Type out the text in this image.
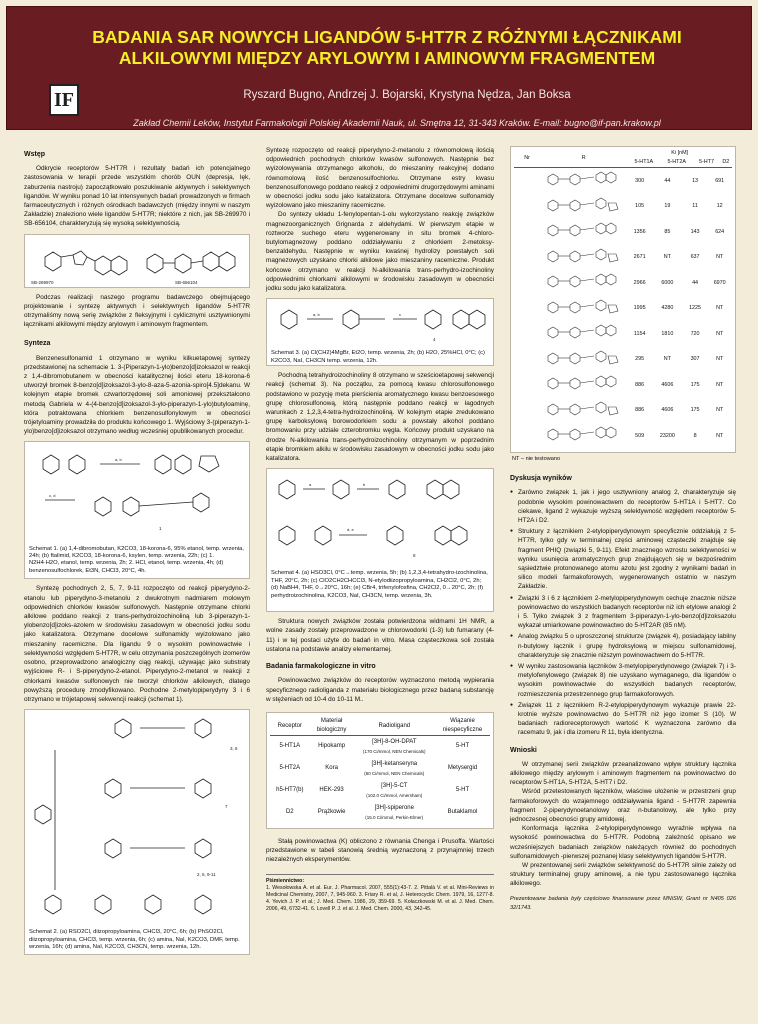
BADANIA SAR NOWYCH LIGANDÓW 5-HT7R Z RÓŻNYMI ŁĄCZNIKAMI ALKILOWYMI MIĘDZY ARYLOWYM I AMINOWYM FRAGMENTEM
IF	Ryszard Bugno, Andrzej J. Bojarski, Krystyna Nędza, Jan Boksa
Zakład Chemii Leków, Instytut Farmakologii Polskiej Akademii Nauk, ul. Smętna 12, 31-343 Kraków. E-mail: bugno@if-pan.krakow.pl
Wstęp

Odkrycie receptorów 5-HT7R i rezultaty badań ich potencjalnego zastosowania w terapii przede wszystkim chorób OUN (depresja, lęk, zaburzenia nastroju) zapoczątkowało poszukiwanie aktywnych i selektywnych ligandów. W wyniku ponad 10 lat intensywnych badań prowadzonych w firmach farmaceutycznych i różnych ośrodkach badawczych (między innymi w naszym Zakładzie) znaleziono wiele ligandów 5-HT7R; niektóre z nich, jak SB-269970 i SB-656104, charakteryzują się wysoką selektywnością.

SB-269970	SB-656104

Podczas realizacji naszego programu badawczego obejmującego projektowanie i syntezę aktywnych i selektywnych ligandów 5-HT7R otrzymaliśmy nową serię związków z fleksyjnymi i cyklicznymi usztywnionymi łącznikami alkilowymi między arylowym i aminowym fragmentem.

Synteza

Benzenesulfonamid 1 otrzymano w wyniku kilkuetapowej syntezy przedstawionej na schemacie 1. 3-(Piperazyn-1-ylo)benzo[d]izoksazol w reakcji z 1,4-dibromobutanem w obecności katalitycznej ilości eteru 18-korona-6 utworzył bromek 8-benzo[d]izoksazol-3-ylo-8-aza-5-azonia-spiro[4.5]dekanu. W kolejnym etapie bromek czwartorzędowej soli amoniowej przekształcono metodą Gabriela w 4-(4-benzo[d]izoksazol-3-ylo-piperazyn-1-ylo)butyloaminę, która potraktowana chlorkiem benzenosulfonylowym w obecności trójetyloaminy prowadziła do produktu końcowego 1. Wyjściowy 3-(piperazyn-1-ylo)benzo[d]izoksazol otrzymano według wcześniej opublikowanych procedur.

a, b
c, d
1
Schemat 1. (a) 1,4-dibromobutan, K2CO3, 18-korona-6, 95% etanol, temp. wrzenia, 24h; (b) ftalimid, K2CO3, 18-korona-6, ksylen, temp. wrzenia, 22h; (c) 1. N2H4·H2O, etanol, temp. wrzenia, 2h; 2. HCl, etanol, temp. wrzenia, 4h; (d) benzenosulfochlorek, Et3N, CHCl3, 20°C, 4h.

Syntezę pochodnych 2, 5, 7, 9-11 rozpoczęto od reakcji piperydyno-2-etanolu lub piperydyno-3-metanolu z dwukrotnym nadmiarem molowym odpowiednich chlorków kwasów sulfonowych. Następnie otrzymane chlorki alkilowe poddano reakcji z trans-perhydroizochinoliną lub 3-piperazyn-1-ylobenzo[d]izoks-azolem w środowisku zasadowym w obecności jodku sodu jako katalizatora. Otrzymane docelowe sulfonamidy wyizolowano jako mieszaniny racemiczne. Dla ligandu 9 o wysokim powinowactwie i selektywności względem 5-HT7R, w celu otrzymania poszczególnych izomerów osobno, przeprowadzono analogiczny ciąg reakcji, używając jako substraty wyjściowe R- i S-piperydyno-2-etanol. Piperydyno-2-metanol w reakcji z chlorkami kwasów sulfonowych nie tworzył chlorków alkilowych, dlatego powyższą procedurę zmodyfikowano. Pochodne 2-metylopiperydyny 3 i 6 otrzymano w trójetapowej sekwencji reakcji (schemat 1).

3, 6
2, 5, 9-11
7
Schemat 2. (a) RSO2Cl, diizopropyloamina, CHCl3, 20°C, 6h; (b) PhSO2Cl, diizopropyloamina, CHCl3, temp. wrzenia, 6h; (c) amina, NaI, K2CO3, DMF, temp. wrzenia, 16h; (d) amina, NaI, K2CO3, CH3CN, temp. wrzenia, 12h.

Syntezę rozpoczęto od reakcji piperydyno-2-metanolu z równomolową ilością odpowiednich pochodnych chlorków kwasów sulfonowych. Następnie bez wyizolowywania otrzymanego alkoholu, do mieszaniny reakcyjnej dodano równomolową ilość benzenosulfochlorku. Otrzymane estry kwasu benzenosulfonowego poddano reakcji z odpowiednimi drugorzędowymi aminami w obecności jodku sodu jako katalizatora. Otrzymane docelowe sulfonamidy wyizolowano jako mieszaniny racemiczne.

Do syntezy układu 1-fenylopentan-1-olu wykorzystano reakcję związków magnezoorganicznych Grignarda z aldehydami. W pierwszym etapie w roztworze suchego eteru wygenerowany in situ bromek 4-chloro-butylomagnezowy poddano oddziaływaniu z chlorkiem 2-metoksy-benzaldehydu. Następnie w wyniku kwaśnej hydrolizy powstałych soli magnezowych uzyskano chlorki alkilowe jako mieszaniny racemiczne. Produkt końcowe otrzymano w reakcji N-alkilowania trans-perhydro-izochinoliny odpowiednimi chlorkami alkilowymi w środowisku zasadowym w obecności jodku sodu jako katalizatora.

a, b	c
4
Schemat 3. (a) Cl(CH2)4MgBr, Et2O, temp. wrzenia, 2h; (b) H2O, 25%HCl, 0°C; (c) K2CO3, NaI, CH3CN temp. wrzenia, 12h.

Pochodną tetrahydroizochinoliny 8 otrzymano w sześcioetapowej sekwencji reakcji (schemat 3). Na początku, za pomocą kwasu chlorosulfonowego podstawiono w pozycję meta pierścienia aromatycznego kwasu benzoesowego grupę chlorosulfonową, którą następnie poddano reakcji w łagodnych warunkach z 1,2,3,4-tetra-hydroizochinoliną. W kolejnym etapie zredukowano grupę karboksylową borowodorkiem sodu a powstały alkohol poddano bromowaniu przy udziale czterobromku węgla. Końcowy produkt uzyskano na drodze N-alkilowania trans-perhydroizochinoliny otrzymanym w poprzednim etapie bromkiem alkilu w środowisku zasadowym w obecności jodku sodu jako katalizatora.

a	b
d, e
8
Schemat 4. (a) HSO3Cl, 0°C→temp. wrzenia, 5h; (b) 1,2,3,4-tetrahydro-izochinolina, THF, 20°C, 2h; (c) ClO2CH2CHCCl3, N-etylodiizopropyloamina, CH2Cl2, 0°C, 2h; (d) NaBH4, THF, 0→20°C, 16h; (e) CBr4, trifenylofosfina, CH2Cl2, 0→20°C, 2h; (f) perhydroizochinolina, K2CO3, NaI, CH3CN, temp. wrzenia, 3h.

Struktura nowych związków została potwierdzona widmami 1H NMR, a wolne zasady zostały przeprowadzone w chlorowodorki (1-3) lub fumarany (4-11) i w tej postaci użyte do badań in vitro. Masa cząsteczkowa soli została ustalona na podstawie analizy elementarnej.

Badania farmakologiczne in vitro

Powinowactwo związków do receptorów wyznaczono metodą wypierania specyficznego radioliganda z materiału biologicznego przez badaną substancję w stężeniach od 10-4 do 10-11 M..

Receptor	Materiał biologiczny	Radioligand	Wiązanie niespecyficzne
5-HT1A	Hipokamp	[3H]-8-OH-DPAT
(170 Ci/mmol, NEN Chemicals)	5-HT
5-HT2A	Kora	[3H]-ketanseryna
(60 Ci/mmol, NEN Chemicals)	Metysergid
h5-HT7(b)	HEK-293	[3H]-5-CT
(102.0 Ci/mmol, Amersham)	5-HT
D2	Prążkowie	[3H]-spiperone
(15.0 Ci/mmol, Perkin-Elmer)	Butaklamol

Stałą powinowactwa (K) obliczono z równania Chenga i Prusoffa. Wartości przedstawione w tabeli stanowią średnią wyznaczoną z przynajmniej trzech niezależnych eksperymentów.

Piśmiennictwo:
1. Wesołowska A. et al. Eur. J. Pharmacol. 2007, 555(1):43-7. 2. Pittalà V. et al. Mini-Reviews in Medicinal Chemistry, 2007, 7, 945-960. 3. Friary R. et al, J. Heterocyclic Chem. 1979, 16, 1277-8. 4. Yevich J. P. et al.; J. Med. Chem. 1986, 29, 359-69. 5. Kołaczkowski M. et al. J. Med. Chem. 2006, 49, 6732-41. 6. Lovell P. J. et al. J. Med. Chem. 2000, 43, 342-45.
Nr	R	Ki [nM]			
		5-HT1A	5-HT2A	5-HT7	D2
		300	44	13	691
		105	19	11	12
		1356	85	143	624
		2671	NT	637	NT
		2966	6000	44	6970
		1995	4280	1225	NT
		1154	1810	720	NT
		295	NT	307	NT
		886	4606	175	NT
		886	4606	175	NT
		509	23200	8	NT
NT – nie testowano
Dyskusja wyników
● Zarówno związek 1, jak i jego usztywniony analog 2, charakteryzuje się podobnie wysokim powinowactwem do receptorów 5-HT1A i 5-HT7. Co ciekawe, ligand 2 wykazuje wyższą selektywność względem receptorów 5-HT2A i D2.
● Struktury z łącznikiem 2-etylopiperydynowym specyficznie oddziałują z 5-HT7R, tylko gdy w terminalnej części aminowej cząsteczki znajduje się fragment PHIQ (związki 5, 9-11). Efekt znacznego wzrostu selektywności w wyniku usunięcia aromatycznych grup znajdujących się w bezpośrednim sąsiedztwie protonowanego atomu azotu jest zgodny z wynikami badań in silico modeli farmakoforowych, wygenerowanych ostatnio w naszym Zakładzie.
● Związki 3 i 6 z łącznikiem 2-metylopiperydynowym cechuje znacznie niższe powinowactwo do wszystkich badanych receptorów niż ich etylowe analogi 2 i 5. Tylko związek 3 z fragmentem 3-piperazyn-1-ylo-benzo[d]izoksazolu wykazał umiarkowane powinowactwo do 5-HT2AR (85 nM).
● Analog związku 5 o uproszczonej strukturze (związek 4), posiadający labilny n-butylowy łącznik i grupę hydroksylową w miejscu sulfonamidowej, charakteryzuje się znacznie niższym powinowactwem do 5-HT7R.
● W wyniku zastosowania łączników 3-metylopiperydynowego (związek 7) i 3-metylofenylowego (związek 8) nie uzyskano wymaganego, dla ligandów o wysokim powinowactwie do wszystkich badanych receptorów, rozmieszczenia przestrzennego grup farmakoforowych.
● Związek 11 z łącznikiem R-2-etylopiperydynowym wykazuje prawie 22-krotnie wyższe powinowactwo do 5-HT7R niż jego izomer S (10). W badaniach radioreceptorowych wartość K wyznaczona zarówno dla racematu 9, jak i dla izomeru R 11, była identyczna.
Wnioski

W otrzymanej serii związków przeanalizowano wpływ struktury łącznika alkilowego między arylowym i aminowym fragmentem na powinowactwo do receptorów 5-HT1A, 5-HT2A, 5-HT7 i D2.

Wśród przetestowanych łączników, właściwe ułożenie w przestrzeni grup farmakoforowych do wzajemnego oddziaływania ligand - 5-HT7R zapewnia fragment 2-piperydynoetanolowy oraz n-butanolowy, ale tylko przy jednoczesnej obecności grupy amidowej.

Konformacja łącznika 2-etylopiperydynowego wyraźnie wpływa na wysokość powinowactwa do 5-HT7R. Podobną zależność opisano we wcześniejszych badaniach związków należących również do pochodnych sulfonamidowych -pierwszej poznanej klasy selektywnych ligandów 5-HT7R.

W prezentowanej serii związków selektywność do 5-HT7R silnie zależy od struktury terminalnej grupy aminowej, a nie typu zastosowanego łącznika alkilowego.

Prezentowane badania były częściowo finansowane przez MNiSW, Grant nr N405 026 32/1743.
